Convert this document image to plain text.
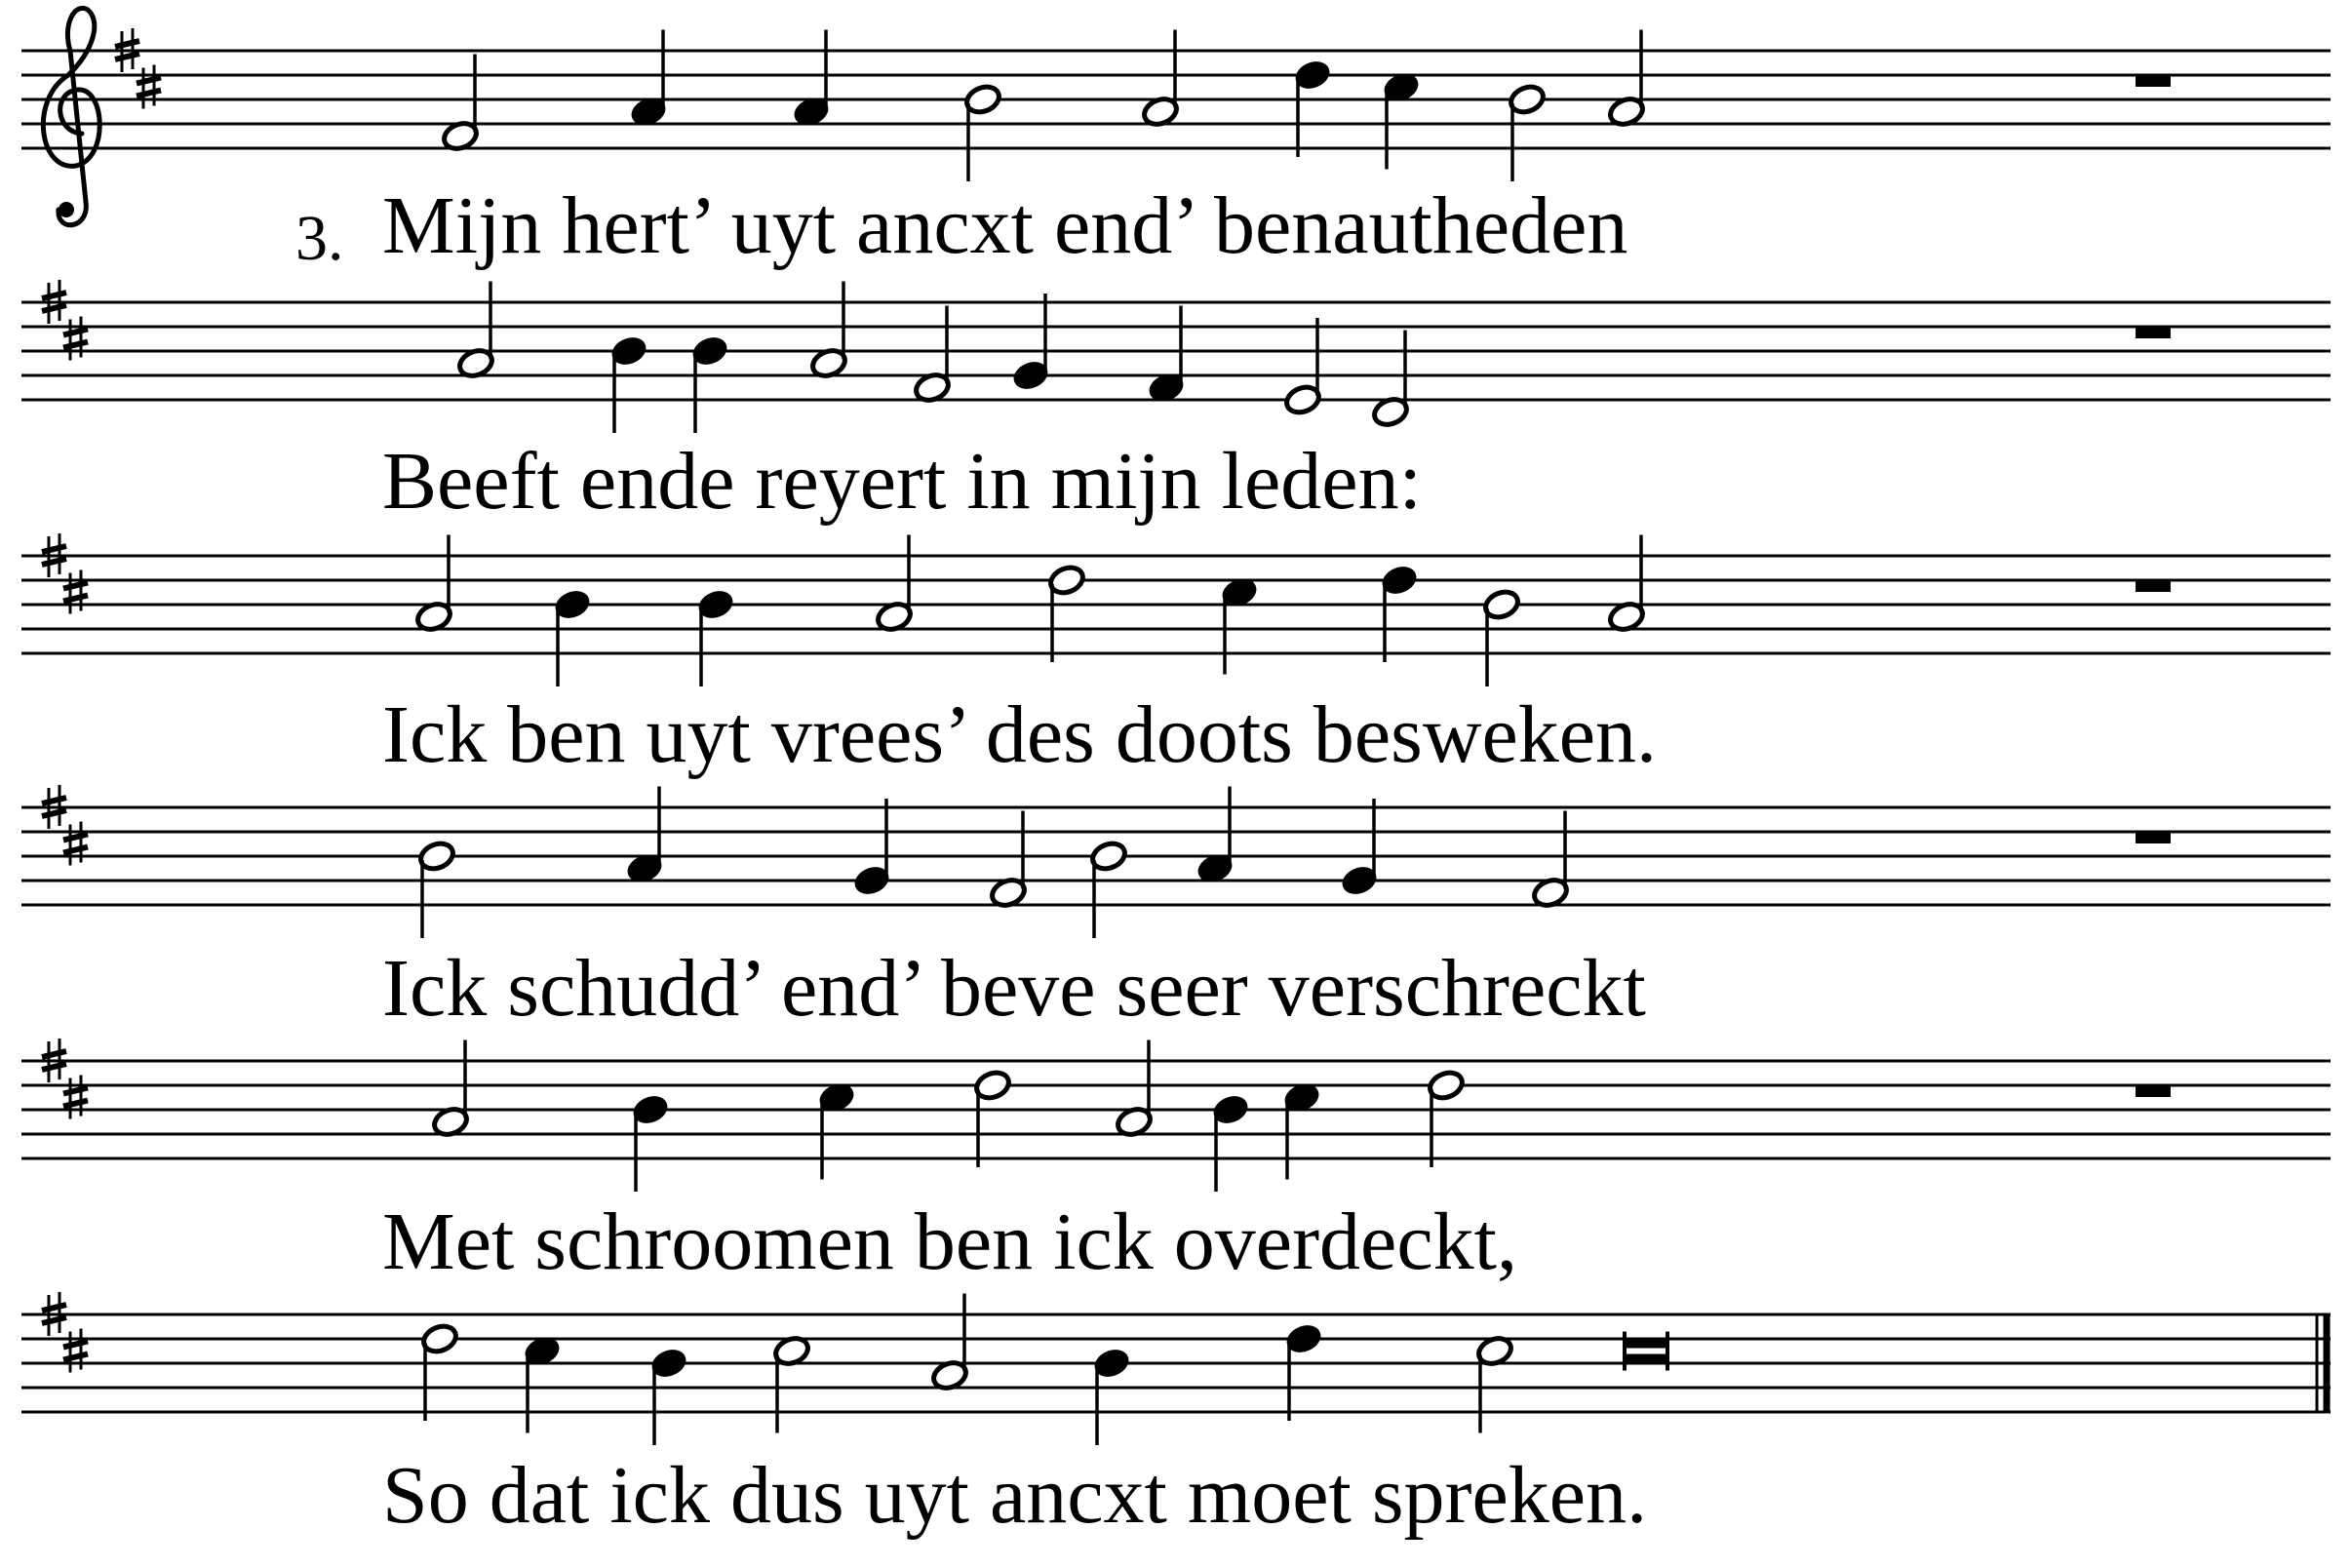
3. Mijn hert’ uyt ancxt end’ benautheden
Beeft ende reyert in mijn leden:
Ick ben uyt vrees’ des doots besweken.
Ick schudd’ end’ beve seer verschreckt
Met schroomen ben ick overdeckt,
So dat ick dus uyt ancxt moet spreken.
